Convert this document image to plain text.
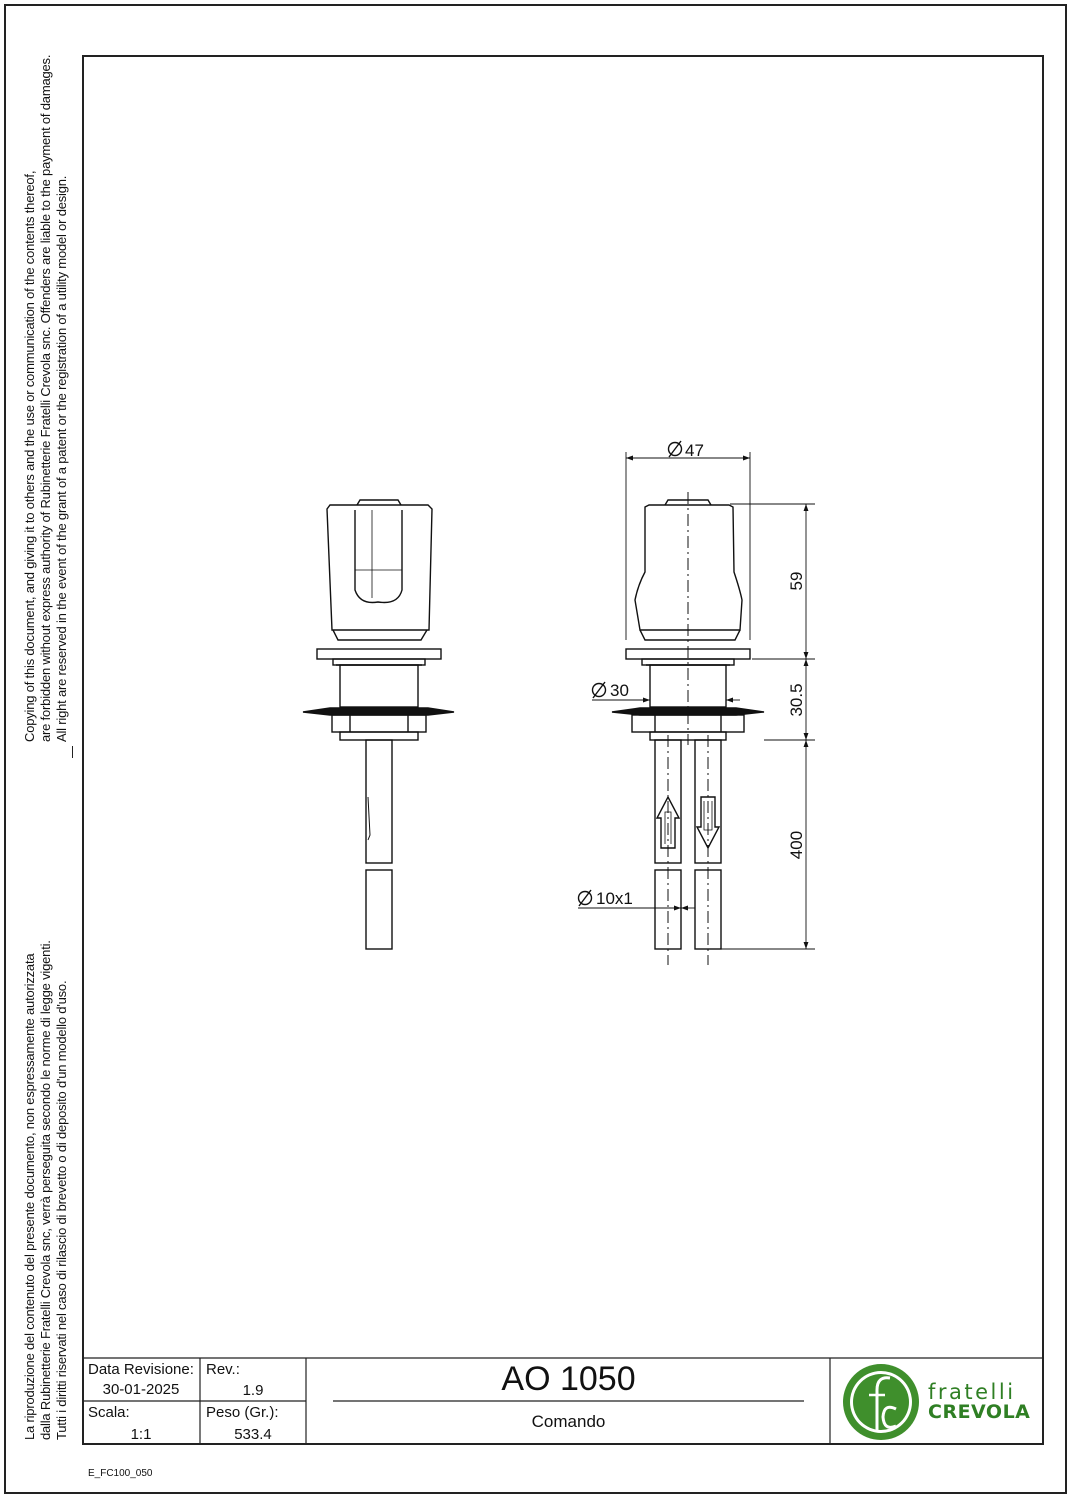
Copying of this document, and giving it to others and the use or communication of the contents thereof, are forbidden without express authority of Rubinetterie Fratelli Crevola snc. Offenders are liable to the payment of damages. All right are reserved in the event of the grant of a patent or the registration of a utility model or design.
La riproduzione del contenuto del presente documento, non espressamente autorizzata dalla Rubinetterie Fratelli Crevola snc, verrà perseguita secondo le norme di legge vigenti. Tutti i diritti riservati nel caso di rilascio di brevetto o di deposito d'un modello d'uso.
47
30
10x1
59
30.5
400
Data Revisione:
30-01-2025
Rev.:
1.9
Scala:
1:1
Peso (Gr.):
533.4
AO 1050
Comando
fratelli
CREVOLA
E_FC100_050
